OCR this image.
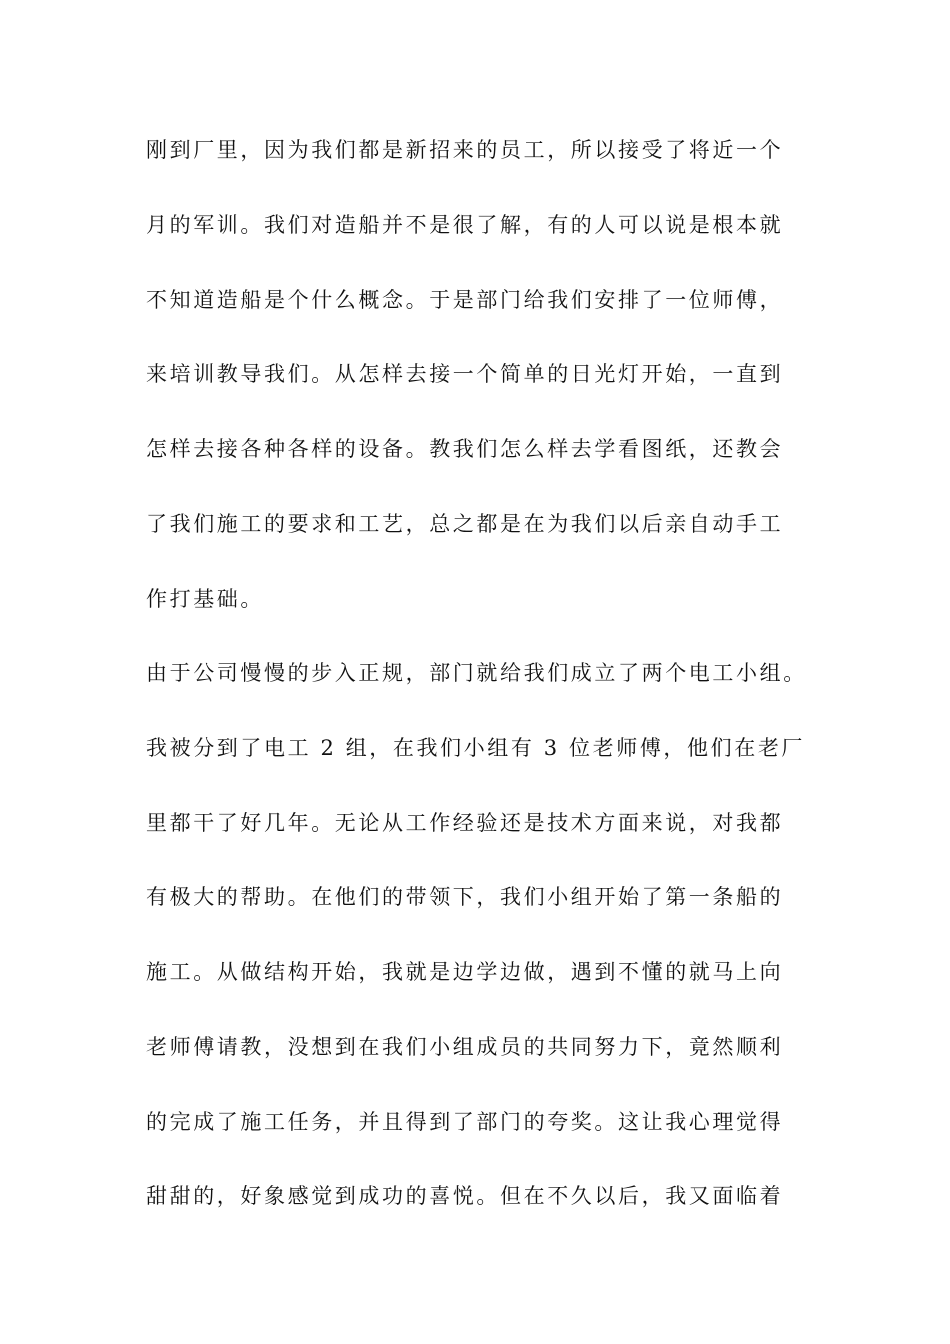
刚到厂里，因为我们都是新招来的员工，所以接受了将近一个
月的军训。我们对造船并不是很了解，有的人可以说是根本就
不知道造船是个什么概念。于是部门给我们安排了一位师傅，
来培训教导我们。从怎样去接一个简单的日光灯开始，一直到
怎样去接各种各样的设备。教我们怎么样去学看图纸，还教会
了我们施工的要求和工艺，总之都是在为我们以后亲自动手工
作打基础。
由于公司慢慢的步入正规，部门就给我们成立了两个电工小组。
我被分到了电工 2 组，在我们小组有 3 位老师傅，他们在老厂
里都干了好几年。无论从工作经验还是技术方面来说，对我都
有极大的帮助。在他们的带领下，我们小组开始了第一条船的
施工。从做结构开始，我就是边学边做，遇到不懂的就马上向
老师傅请教，没想到在我们小组成员的共同努力下，竟然顺利
的完成了施工任务，并且得到了部门的夸奖。这让我心理觉得
甜甜的，好象感觉到成功的喜悦。但在不久以后，我又面临着
